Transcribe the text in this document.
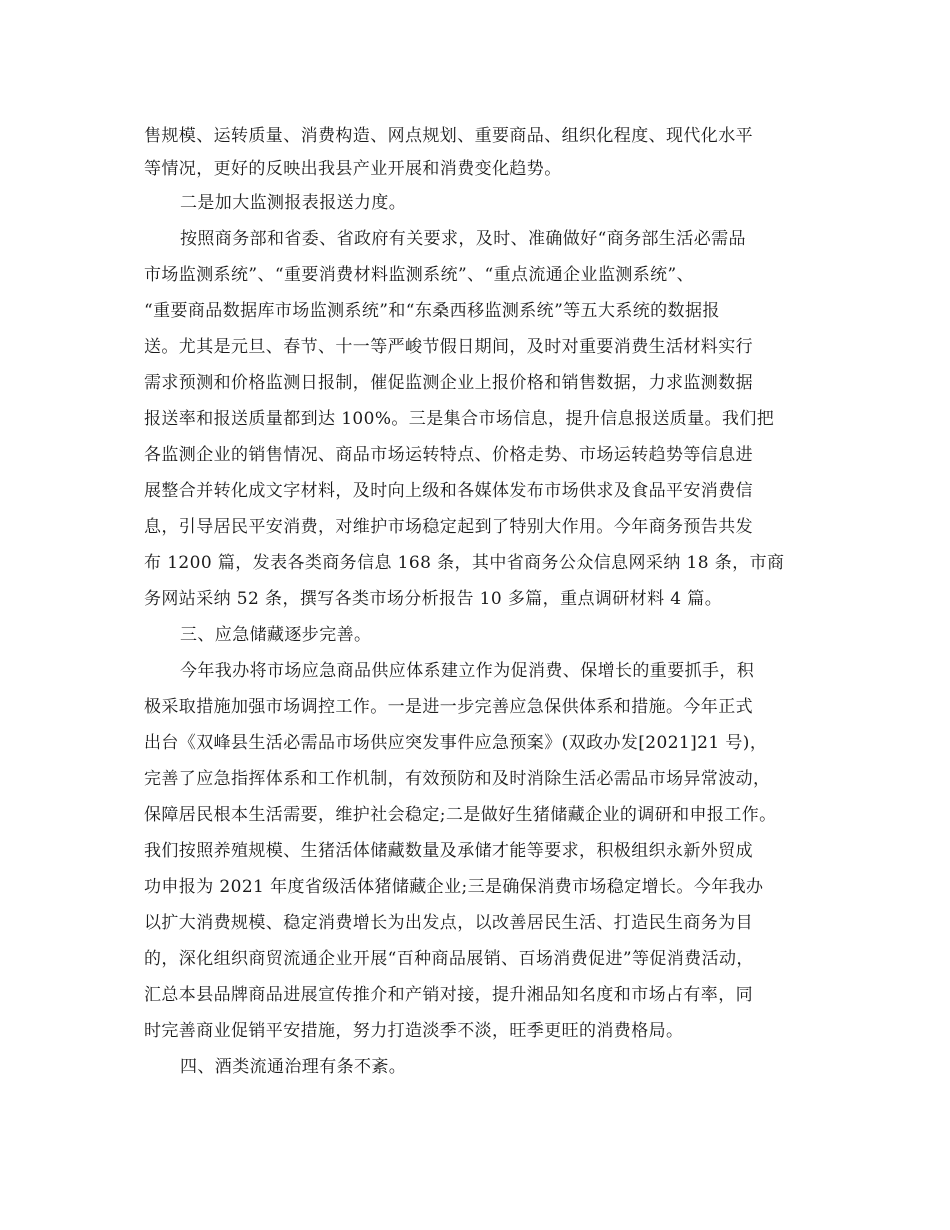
售规模、运转质量、消费构造、网点规划、重要商品、组织化程度、现代化水平
等情况，更好的反映出我县产业开展和消费变化趋势。
二是加大监测报表报送力度。
按照商务部和省委、省政府有关要求，及时、准确做好“商务部生活必需品
市场监测系统”、“重要消费材料监测系统”、“重点流通企业监测系统”、
“重要商品数据库市场监测系统”和“东桑西移监测系统”等五大系统的数据报
送。尤其是元旦、春节、十一等严峻节假日期间，及时对重要消费生活材料实行
需求预测和价格监测日报制，催促监测企业上报价格和销售数据，力求监测数据
报送率和报送质量都到达 100%。三是集合市场信息，提升信息报送质量。我们把
各监测企业的销售情况、商品市场运转特点、价格走势、市场运转趋势等信息进
展整合并转化成文字材料，及时向上级和各媒体发布市场供求及食品平安消费信
息，引导居民平安消费，对维护市场稳定起到了特别大作用。今年商务预告共发
布 1200 篇，发表各类商务信息 168 条，其中省商务公众信息网采纳 18 条，市商
务网站采纳 52 条，撰写各类市场分析报告 10 多篇，重点调研材料 4 篇。
三、应急储藏逐步完善。
今年我办将市场应急商品供应体系建立作为促消费、保增长的重要抓手，积
极采取措施加强市场调控工作。一是进一步完善应急保供体系和措施。今年正式
出台《双峰县生活必需品市场供应突发事件应急预案》(双政办发[2021]21 号)，
完善了应急指挥体系和工作机制，有效预防和及时消除生活必需品市场异常波动，
保障居民根本生活需要，维护社会稳定;二是做好生猪储藏企业的调研和申报工作。
我们按照养殖规模、生猪活体储藏数量及承储才能等要求，积极组织永新外贸成
功申报为 2021 年度省级活体猪储藏企业;三是确保消费市场稳定增长。今年我办
以扩大消费规模、稳定消费增长为出发点，以改善居民生活、打造民生商务为目
的，深化组织商贸流通企业开展“百种商品展销、百场消费促进”等促消费活动，
汇总本县品牌商品进展宣传推介和产销对接，提升湘品知名度和市场占有率，同
时完善商业促销平安措施，努力打造淡季不淡，旺季更旺的消费格局。
四、酒类流通治理有条不紊。
